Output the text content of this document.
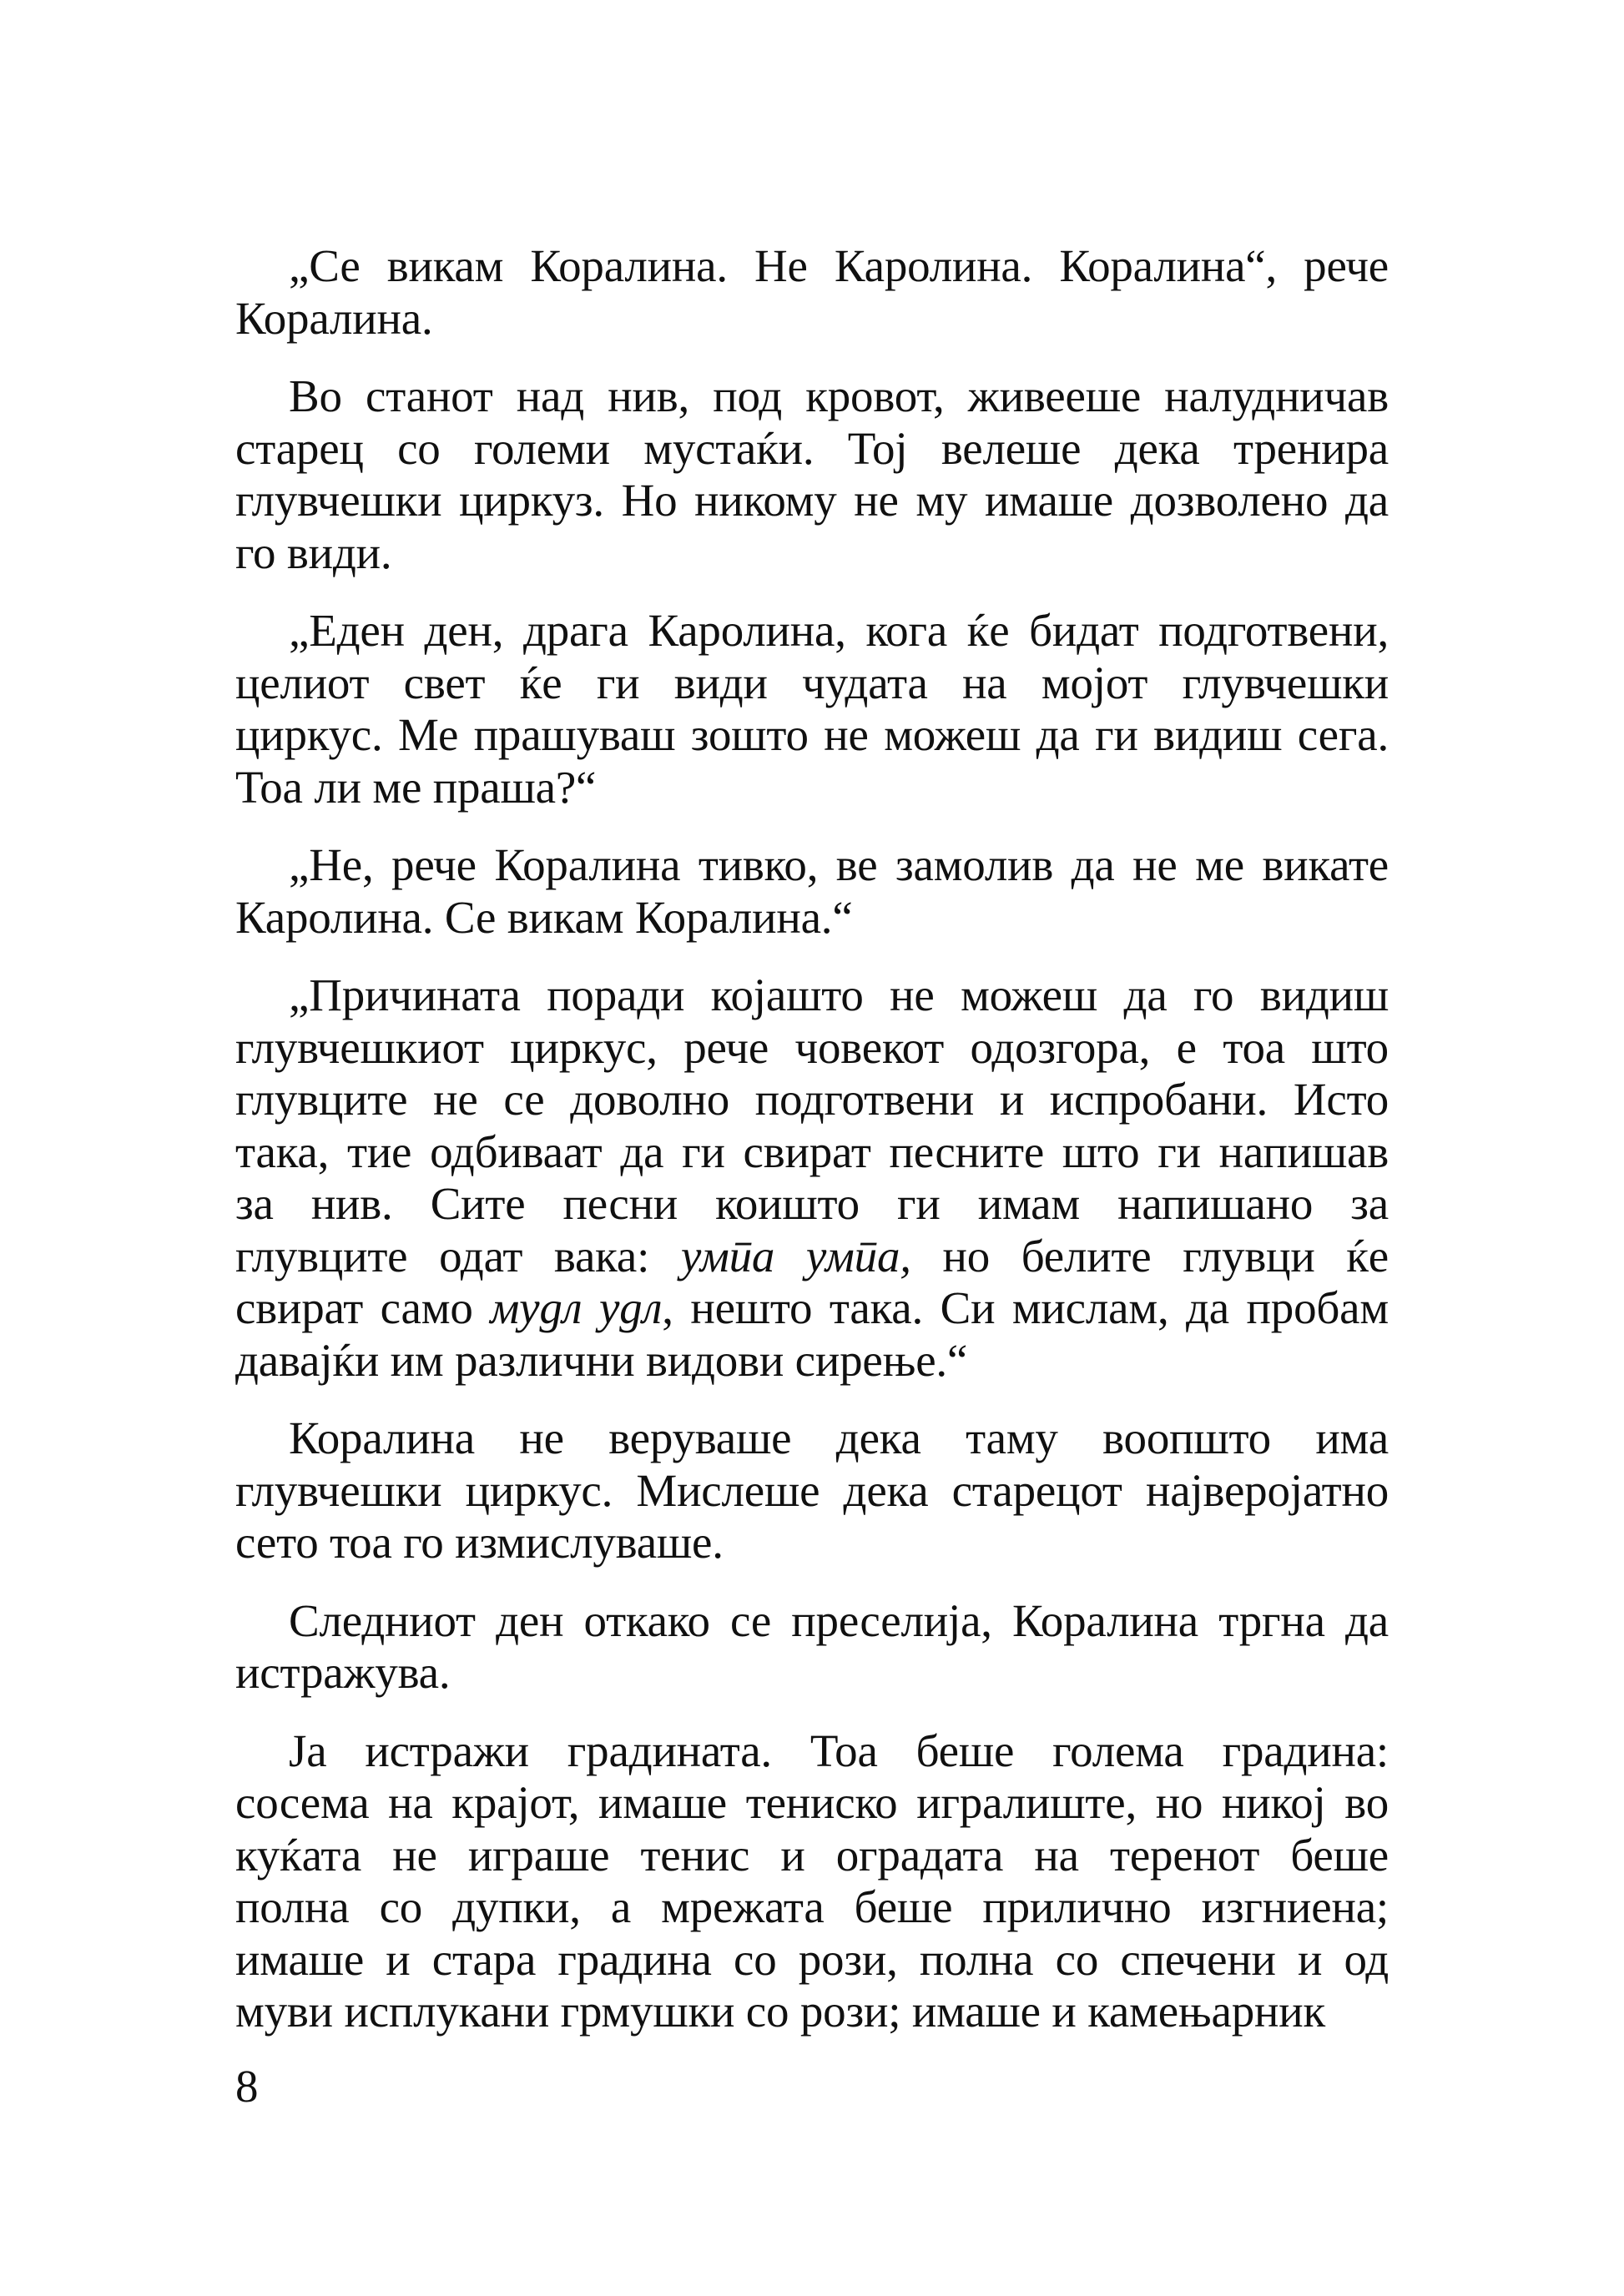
„Се викам Коралина. Не Каролина. Коралина“, рече
Коралина.

Во станот над нив, под кровот, живееше налудничав
старец со големи мустаќи. Тој велеше дека тренира
глувчешки циркуз. Но никому не му имаше дозволено да
го види.

„Еден ден, драга Каролина, кога ќе бидат подготвени,
целиот свет ќе ги види чудата на мојот глувчешки
циркус. Ме прашуваш зошто не можеш да ги видиш сега.
Тоа ли ме праша?“

„Не, рече Коралина тивко, ве замолив да не ме викате
Каролина. Се викам Коралина.“

„Причината поради којашто не можеш да го видиш
глувчешкиот циркус, рече човекот одозгора, е тоа што
глувците не се доволно подготвени и испробани. Исто
така, тие одбиваат да ги свират песните што ги напишав
за нив. Сите песни коишто ги имам напишано за
глувците одат вака: умпа умпа, но белите глувци ќе
свират само мудл удл, нешто така. Си мислам, да пробам
давајќи им различни видови сирење.“

Коралина не веруваше дека таму воопшто има
глувчешки циркус. Мислеше дека старецот најверојатно
сето тоа го измислуваше.

Следниот ден откако се преселија, Коралина тргна да
истражува.

Ја истражи градината. Тоа беше голема градина:
сосема на крајот, имаше тениско игралиште, но никој во
куќата не играше тенис и оградата на теренот беше
полна со дупки, а мрежата беше прилично изгниена;
имаше и стара градина со рози, полна со спечени и од
муви исплукани грмушки со рози; имаше и камењарник

8
